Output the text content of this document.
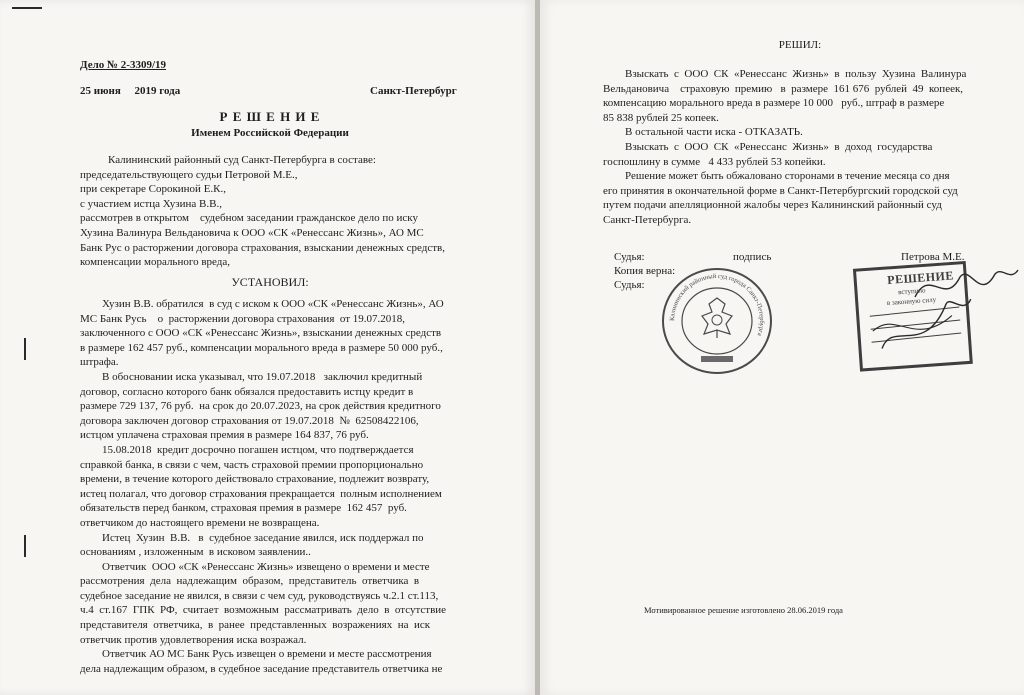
Дело № 2-3309/19
25 июня     2019 года	Санкт-Петербург
Р Е Ш Е Н И Е
Именем Российской Федерации
Калининский районный суд Санкт-Петербурга в составе:
председательствующего судьи Петровой М.Е.,
при секретаре Сорокиной Е.К.,
с участием истца Хузина В.В.,
рассмотрев в открытом    судебном заседании гражданское дело по иску
Хузина Валинура Вельдановича к ООО «СК «Ренессанс Жизнь», АО МС
Банк Рус о расторжении договора страхования, взыскании денежных средств,
компенсации морального вреда,
УСТАНОВИЛ:
Хузин В.В. обратился  в суд с иском к ООО «СК «Ренессанс Жизнь», АО
МС Банк Русь    о  расторжении договора страхования  от 19.07.2018,
заключенного с ООО «СК «Ренессанс Жизнь», взыскании денежных средств
в размере 162 457 руб., компенсации морального вреда в размере 50 000 руб.,
штрафа.
В обосновании иска указывал, что 19.07.2018   заключил кредитный
договор, согласно которого банк обязался предоставить истцу кредит в
размере 729 137, 76 руб.  на срок до 20.07.2023, на срок действия кредитного
договора заключен договор страхования от 19.07.2018  №  62508422106,
истцом уплачена страховая премия в размере 164 837, 76 руб.
15.08.2018  кредит досрочно погашен истцом, что подтверждается
справкой банка, в связи с чем, часть страховой премии пропорционально
времени, в течение которого действовало страхование, подлежит возврату,
истец полагал, что договор страхования прекращается  полным исполнением
обязательств перед банком, страховая премия в размере  162 457  руб.
ответчиком до настоящего времени не возвращена.
Истец  Хузин  В.В.   в  судебное заседание явился, иск поддержал по
основаниям , изложенным  в исковом заявлении..
Ответчик  ООО «СК «Ренессанс Жизнь» извещено о времени и месте
рассмотрения  дела  надлежащим  образом,  представитель  ответчика  в
судебное заседание не явился, в связи с чем суд, руководствуясь ч.2.1 ст.113,
ч.4  ст.167  ГПК  РФ,  считает  возможным  рассматривать  дело  в  отсутствие
представителя  ответчика,  в  ранее  представленных  возражениях  на  иск
ответчик против удовлетворения иска возражал.
Ответчик АО МС Банк Русь извещен о времени и месте рассмотрения
дела надлежащим образом, в судебное заседание представитель ответчика не
РЕШИЛ:
Взыскать  с  ООО  СК  «Ренессанс  Жизнь»  в  пользу  Хузина  Валинура
Вельдановича    страховую  премию   в  размере  161 676  рублей  49  копеек,
компенсацию морального вреда в размере 10 000   руб., штраф в размере
85 838 рублей 25 копеек.
В остальной части иска - ОТКАЗАТЬ.
Взыскать  с  ООО  СК  «Ренессанс  Жизнь»  в  доход  государства
госпошлину в сумме   4 433 рублей 53 копейки.
Решение может быть обжаловано сторонами в течение месяца со дня
его принятия в окончательной форме в Санкт-Петербургский городской суд
путем подачи апелляционной жалобы через Калининский районный суд
Санкт-Петербурга.
Судья:	подпись	Петрова М.Е.
Копия верна:
Судья:
Калининский районный суд города Санкт-Петербурга
РЕШЕНИЕ
вступило
в законную силу
Мотивированное решение изготовлено 28.06.2019 года
